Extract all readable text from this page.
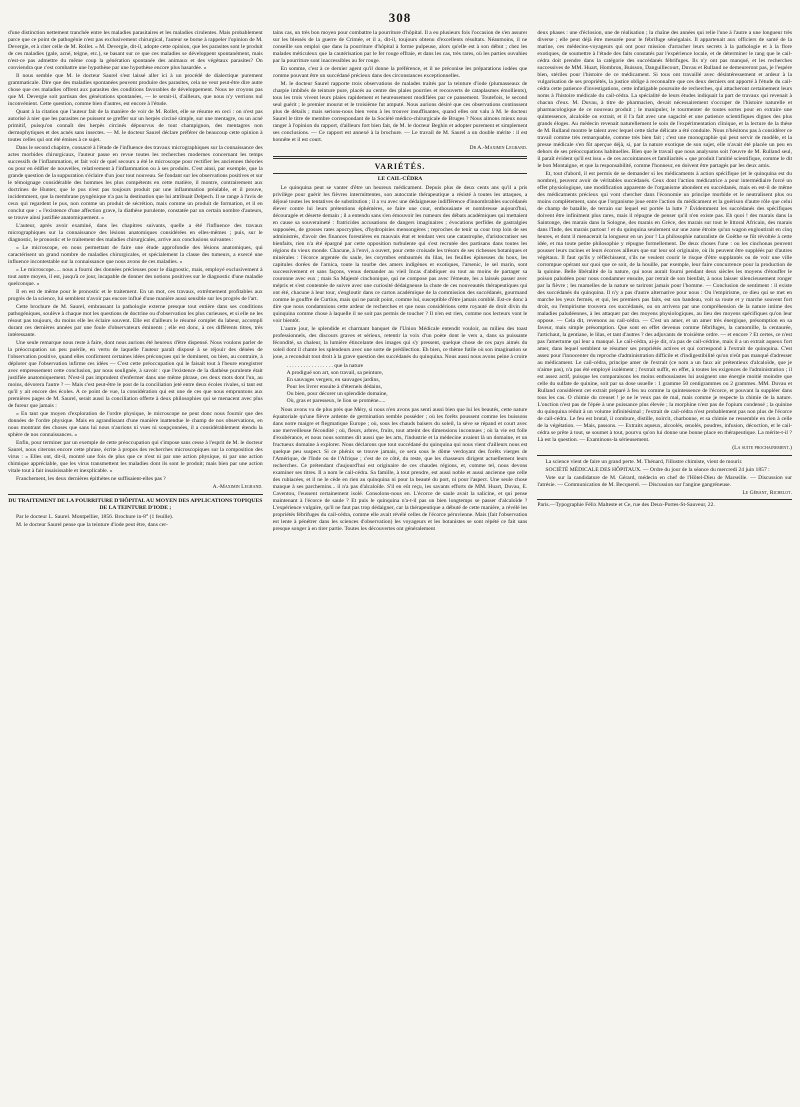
308

d'une distinction nettement tranchée entre les maladies parasitaires et les maladies cirulentes. Mais probablement parce que ce point de pathogénie n'est pas exclusivement chirurgical, l'auteur se borne à rappeler l'opinion de M. Devergie, et à citer celle de M. Rollet. « M. Devergie, dit-il, adopte cette opinion, que les parasites sont le produit de ces maladies (gale, acné, teigne, etc.), se basant sur ce que ces maladies se développent spontanément, mais n'est-ce pas admettre du même coup la génération spontanée des animaux et des végétaux parasites? On conviendra que c'est combattre une hypothèse par une hypothèse encore plus hasardée. »

Il nous semble que M. le docteur Saurel s'est laissé aller ici à un procédé de dialectique purement grammaticale. Dire que des maladies spontanées peuvent produire des parasites, cela ne veut peut-être dire autre chose que ces maladies offrent aux parasites des conditions favorables de développement. Nous ne croyons pas que M. Devergie soit partisan des générations spontanées, — le serait-il, d'ailleurs, que nous n'y verrions nul inconvénient. Cette question, comme bien d'autres, est encore à l'étude.

Quant à la citation que l'auteur fait de la manière de voir de M. Rollet, elle se résume en ceci : on n'est pas autorisé à nier que les parasites ne puissent se greffer sur un herpès circiné simple, sur une mentagre, ou un acné primitif, puisqu'on connaît des herpès circinés dépourvus de tout champignon, des mentagres non dermophytiques et des acnés sans insectes. — M. le docteur Saurel déclare préférer de beaucoup cette opinion à toutes celles qui ont été émises à ce sujet.

Dans le second chapitre, consacré à l'étude de l'influence des travaux micrographiques sur la connaissance des actes morbides chirurgicaux, l'auteur passe en revue toutes les recherches modernes concernant les temps successifs de l'inflammation, et fait voir de quel secours a été le microscope pour rectifier les anciennes théories ou pour en édifier de nouvelles, relativement à l'inflammation ou à ses produits. C'est ainsi, par exemple, que la grande question de la suppuration s'éclaire d'un jour tout nouveau. Se fondant sur les observations positives et sur le témoignage considérable des hommes les plus compétents en cette matière, il montre, contrairement aux doctrines de Hunter, que le pus n'est pas toujours produit par une inflammation préalable, et il prouve, incidemment, que la membrane pyogénique n'a pas la destination que lui attribuait Delpech. Il se range à l'avis de ceux qui regardent le pus, non comme un produit de sécrétion, mais comme un produit de formation, et il en conclut que : « l'existence d'une affection grave, la diathèse purulente, constatée par un certain nombre d'auteurs, se trouve ainsi justifiée anatomiquement. »

L'auteur, après avoir examiné, dans les chapitres suivants, quelle a été l'influence des travaux micrographiques sur la connaissance des lésions anatomiques considérées en elles-mêmes ; puis, sur le diagnostic, le pronostic et le traitement des maladies chirurgicales, arrive aux conclusions suivantes :

« Le microscope, en nous permettant de faire une étude approfondie des lésions anatomiques, qui caractérisent un grand nombre de maladies chirurgicales, et spécialement la classe des tumeurs, a exercé une influence incontestable sur la connaissance que nous avons de ces maladies. »

« Le microscope..... nous a fourni des données précieuses pour le diagnostic, mais, employé exclusivement à tout autre moyen, il est, jusqu'à ce jour, incapable de donner des notions positives sur le diagnostic d'une maladie quelconque. »

Il en est de même pour le pronostic et le traitement. En un mot, ces travaux, extrêmement profitables aux progrès de la science, lui semblent n'avoir pas encore influé d'une manière aussi sensible sur les progrès de l'art.

Cette brochure de M. Saurel, embrassant la pathologie externe presque tout entière dans ses conditions pathogéniques, soulève à chaque mot les questions de doctrine ou d'observation les plus curieuses, et si elle ne les résout pas toujours, du moins elle les éclaire souvent. Elle est d'ailleurs le résumé complet du labeur, accompli durant ces dernières années par une foule d'observateurs éminents ; elle est donc, à ces différents titres, très intéressante.

Une seule remarque nous reste à faire, dont nous aurions été heureux d'être dispensé. Nous voulons parler de la préoccupation un peu puérile, en vertu de laquelle l'auteur paraît disposé à se réjouir des dénées de l'observation positive, quand elles confirment certaines idées préconçues qui le dominent, ou bien, au contraire, à déplorer que l'observation infirme ces idées — C'est cette préoccupation qui le faisait tout à l'heure enregistrer avec empressement cette conclusion, par nous soulignée, à savoir : que l'existence de la diathèse purulente était justifiée anatomiquement. N'est-il pas imprudent d'enfermer dans une même phrase, ces deux mots dont l'un, au moins, dévorera l'autre ? — Mais c'est peut-être le post de la conciliation jeté entre deux écoles rivales, si tant est qu'il y ait encore des écoles. A ce point de vue, la considération qui est une de ces que nous empruntons aux premières pages de M. Saurel, serait aussi la conciliation offerte à deux philosophies qui se menacent avec plus de fureur que jamais :

« En tant que moyen d'exploration de l'ordre physique, le microscope ne peut donc nous fournir que des données de l'ordre physique. Mais en agrandissant d'une manière inattendue le champ de nos observations, en nous montrant des choses que sans lui nous n'aurions ni vues ni soupçonnées, il a considérablement étendu la sphère de nos connaissances. »

Enfin, pour terminer par un exemple de cette préoccupation qui s'impose sans cesse à l'esprit de M. le docteur Saurel, nous citerons encore cette phrase, écrite à propos des recherches microscopiques sur la composition des virus : « Elles ont, dit-il, montré une fois de plus que ce n'est ni par une action physique, ni par une action chimique appréciable, que les virus transmettent les maladies dont ils sont le produit; mais bien par une action vitale tout à fait insaisissable et inexplicable. »

Franchement, les deux dernières épithètes ne suffisaient-elles pas ?

A.-Maximin Legrand.
DU TRAITEMENT DE LA POURRITURE D'HÔPITAL AU MOYEN DES APPLICATIONS TOPIQUES DE LA TEINTURE D'IODE ;

Par le docteur L. Saurel. Montpellier, 1856. Brochure in-8° (1 feuille).

M. le docteur Saurel pense que la teinture d'iode peut être, dans cer-

tains cas, un très bon moyen pour combattre la pourriture d'hôpital. Il a eu plusieurs fois l'occasion de s'en assurer sur les blessés de la guerre de Crimée, et il a, dit-il, toujours obtenu d'excellents résultats. Néanmoins, il ne conseille son emploi que dans la pourriture d'hôpital à forme pulpeuse, alors qu'elle est à son début ; chez les malades méticuleux que la cautérisation par le fer rouge effraie, et dans les cas, très rares, où les parties ouvahies par la pourriture sont inaccessibles au fer rouge.

En somme, c'est à ce dernier agent qu'il donne la préférence, et il ne préconise les préparations iodées que comme pouvant être un succédané précieux dans des circonstances exceptionnelles.

M. le docteur Saurel rapporte trois observations de malades traités par la teinture d'iode (plumasseaux de charpie imbibés de teinture pure, placés au centre des plaies pourries et recouverts de cataplasmes émollients), tous les trois vivent leurs plaies rapidement et heureusement modifiées par ce pansement. Toutefois, le second seul guérit ; le premier mourut et le troisième fut amputé. Nous aurions désiré que ces observations continssent plus de détails ; mais serions-nous bien venu à les trouver insuffisantes, quand elles ont valu à M. le docteur Saurel le titre de membre correspondant de la Société médico-chirurgicale de Bruges ? Nous aimons mieux nous ranger à l'opinion du rapport, d'ailleurs fort bien fait, de M. le docteur Beghin et adopter purement et simplement ses conclusions. — Ce rapport est annexé à la brochure. — Le travail de M. Saurel a un double mérite : il est honnête et il est court.

Dr A.-Maximin Legrand.
VARIÉTÉS.
LE CAIL-CÉDRA

Le quinquina peut se vanter d'être un heureux médicament. Depuis plus de deux cents ans qu'il a pris privilège pour guérir les fièvres intermittentes, son autocratie thérapeutique a résisté à toutes les attaques, a déjoué toutes les tentatives de substitution ; il a vu avec une dédaigneuse indifférence d'innombrables succédanés élever contre lui leurs prétentions éphémères, se faire une cour, enthousiaste et nombreuse aujourd'hui, découragée et déserte demain ; il a entendu sans s'en émouvoir les rumeurs des débats académiques qui mettaient en cause sa souveraineté : fratricides accusations de dangers imaginaires ; évocations perfides de gastralgies supposées, de grosses rates apocryphes, d'hydropisies mensongères ; reproches de tenir sa cour trop loin de ses administrés, d'avoir des finances forestières en mauvais état et tendant vers une catastrophe, d'aristocratiser ses bienfaits, rien n'a été épargné par cette opposition turbulente qui s'est recrutée des partisans dans toutes les régions du vieux monde. Chacune, à l'envi, a ouvert, pour cette croisade les trésors de ses richesses botaniques et minérales : l'écorce argentée du saule, les corymbes embaumés du lilas, les feuilles épineuses du houx, les capitules dorées de l'arnica, toute la tourbe des amers indigènes et exotiques, l'arsenic, le sel marin, sont successivement et sans façons, venus demander au vieil Incas d'abdiquer ou tout au moins de partager sa couronne avec eux ; mais Sa Majesté cinchonique, qui ne compose pas avec l'émeute, les a laissés passer avec mépris et s'est contentée de suivre avec une curiosité dédaigneuse la chute de ces nouveautés thérapeutiques qui ont été, chacune à leur tour, s'engloutir dans ce carton académique de la commission des succédanés, gourmand comme le gouffre de Curtius, mais qui ne paraît point, comme lui, susceptible d'être jamais comblé. Est-ce donc à dire que nous condamnions cette ardeur de recherches et que nous considérions cette royauté de droit divin du quinquina comme chose à laquelle il ne soit pas permis de toucher ? Il n'en est rien, comme nos lecteurs vont le voir bientôt.

L'autre jour, le splendide et charmant banquet de l'Union Médicale entendit vouloir, au milieu des toast professionnels, des discours graves et sérieux, retentir la voix d'un poète dont le vers a, dans sa puissante fécondité, sa chaleur, la lumière étincelante des images qui s'y pressent, quelque chose de ces pays aimés du soleil dont il chante les splendeurs avec une sorte de prédilection. Eh bien, ce thème futile où son imagination se joue, a reconduit tout droit à la grave question des succédanés du quinquina. Nous aussi nous avons peine à croire

. . . . . . . . . . . . . . . . . que la nature
A prodigué son art, son travail, sa peinture,
En sauvages vergers, en sauvages jardins,
Pour les livrer ensuite à d'éternels dédains,
Ou bien, pour décorer un splendide domaine,
Où, gras et paresseux, le lion se promène.....

Nous avons vu de plus près que Méry, si nous n'en avons pas senti aussi bien que lui les beautés, cette nature équatoriale qu'une fièvre ardente de germination semble posséder ; où les forêts poussent comme les buissons dans notre maigre et flegmatique Europe ; où, sous les chauds baisers du soleil, la sève se répand et court avec une merveilleuse fécondité ; où, fleurs, arbres, fruits, tout atteint des dimensions inconnues ; où la vie est folle d'exubérance, et nous nous sommes dit aussi que les arts, l'industrie et la médecine avaient là un domaine, et un fructueux domaine à explorer. Nous déclarons que tout succédané du quinquina qui nous vient d'ailleurs nous est quelque peu suspect. Si ce phénix se trouve jamais, ce sera sous le dôme verdoyant des forêts vierges de l'Amérique, de l'Inde ou de l'Afrique ; c'est de ce côté, du reste, que les chasseurs dirigent actuellement leurs recherches. Ce prétendant d'aujourd'hui est originaire de ces chaudes régions, et, comme tel, nous devons examiner ses titres. Il a nom le cail-cédra. Sa famille, à tout prendre, est aussi noble et aussi ancienne que celle des rubiacées, et il ne le cède en rien au quinquina ni pour la beauté du port, ni pour l'aspect. Une seule chose manque à ses parchemins... il n'a pas d'alcaloïde. S'il en eût reçu, les savants efforts de MM. Huart, Duvau, E. Caventou, l'eussent certainement isolé. Consolons-nous en. L'écorce de saule avait la salicine, et qui pense maintenant à l'écorce de saule ? Et puis le quinquina n'a-t-il pas un bien longtemps se passer d'alcaloïde ? L'expérience vulgaire, qu'il ne faut pas trop dédaigner, car la thérapeutique a débuté de cette manière, a révélé les propriétés fébrifuges du cail-cédra, comme elle avait révélé celles de l'écorce péruvienne. Mais (fait l'observation est lente à pénétrer dans les sciences d'observation) les voyageurs et les botanistes se sont répété ce fait sans presque songer à en tirer partie. Toutes les découvertes ont généralement

deux phases : une d'éclosion, une de réalisation ; la chaîne des années qui relie l'une à l'autre a une longueur très diverse ; elle peut déjà être mesurée pour le fébrifuge sénégalais. Il appartenait aux officiers de santé de la marine, ces médecins-voyageurs qui ont pour mission d'arracher leurs secrets à la pathologie et à la flore exotiques, de soumettre à l'étude des faits constatés par l'expérience locale, et de déterminer le rang que le cail-cédra doit prendre dans la catégorie des succédanés fébrifuges. Ils n'y ont pas manqué, et les recherches successives de MM. Huart, Hombron, Buisson, Danguillecourt, Duvau et Rulland ne demeureront pas, je l'espère bien, stériles pour l'histoire de ce médicament. Si tous ont travaillé avec désintéressement et ardeur à la vulgarisation de ses propriétés, la justice oblige à reconnaître que ces deux derniers ont apporté à l'étude du cail-cédra cette patience d'investigations, cette infatigable poursuite de recherches, qui attacheront certainement leurs noms à l'histoire médicale du cail-cédra. La spécialité de leurs études indiquait la part de travaux qui revenait à chacun d'eux. M. Duvau, à titre de pharmacien, devait nécessairement s'occuper de l'histoire naturelle et pharmacologique de ce nouveau produit ; le manipuler, le tourmenter de toutes sortes pour en extraire une quintessence, alcaloïde ou extrait, et il l'a fait avec une sagacité et une patience scientifiques dignes des plus grands éloges. Au médecin revenait naturellement le soin de l'expérimentation clinique, et la lecture de la thèse de M. Rulland montre le talent avec lequel cette tâche délicate a été conduite. Nous n'hésitons pas à considérer ce travail comme très remarquable, comme très bien fait ; c'est une monographie qui peut servir de modèle, et la presse médicale s'en fût aperçue déjà, si, par la nature exotique de son sujet, elle n'avait été placée un peu en dehors de ses préoccupations habituelles. Bien que le travail que nous analysons soit l'œuvre de M. Rulland seul, il paraît évident qu'il est issu « de ces accointances et familiarités » que produit l'amitié scientifique, comme le dit le bon Montaigne, et que la responsabilité, comme l'honneur, en doivent être partagés par les deux amis.

Et, tout d'abord, il est permis de se demander si les médicaments à action spécifique (et le quinquina est du nombre), peuvent avoir de véritables succédanés. Ceux dont l'action médicatrice a pour intermédiaire forcé un effet physiologique, une modification apparente de l'organisme abondent en succédanés, mais en est-il de même des médicaments précieux qui vont chercher dans l'économie un principe morbide et le neutralisent plus ou moins complètement, sans que l'organisme joue entre l'action du médicament et la guérison d'autre rôle que celui de champ de bataille, de terrain sur lequel est portée la lutte ? Évidemment les succédanés des spécifiques doivent être infiniment plus rares, mais il répugne de penser qu'il n'en existe pas. Eh quoi ! des marais dans la Saintonge, des marais dans la Sologne, des marais en Grèce, des marais sur tout le littoral Africain, des marais dans l'Inde, des marais partout ! et du quinquina seulement sur une zone étroite qu'un wagon engloutirait en cinq heures, et dont il menacerait la longueur en un jour ! La philosophie naturaliste de Goëthe se fût révoltée à cette idée, et ma toute petite philosophie y répugne formellement. De deux choses l'une : ou les cinchonas peuvent pousser leurs racines et leurs écorces ailleurs que sur leur sol originaire, où ils peuvent être suppléés par d'autres végétaux. Il faut qu'ils y réfléchissent, s'ils ne veulent courir le risque d'être supplantés ou de voir une ville corrompue opérant sur quoi que ce soit, de la houille, par exemple, leur faire concurrence pour la production de la quinine. Belle libéralité de la nature, qui nous aurait fourni pendant deux siècles les moyens d'étouffer le poison paludéen pour nous condamner ensuite, par retrait de son bienfait, à nous laisser silencieusement ronger par la fièvre ; les mamelles de la nature se tariront jamais pour l'homme. — Conclusion de sentiment : il existe des succédanés du quinquina. Il n'y a pas d'autre alternative pour nous : Ou l'empirisme, ce dieu qui se met en marche les yeux fermés, et qui, les premiers pas faits, est son bandeau, voit sa route et y marche souvent fort droit, ou l'empirisme trouvera ces succédanés, ou on arrivera par une compréhension de la nature intime des maladies paludéennes, à les attaquer par des moyens physiologiques, au lieu des moyens spécifiques qu'on leur oppose. — Cela dit, revenons au cail-cédra. — C'est un amer, et un amer très énergique, présomption en sa faveur, mais simple présomption. Que sont en effet devenus comme fébrifuges, la camomille, la centaurée, l'artichaut, la gentiane, le lilas, et tant d'autres ? des adjuvants de troisième ordre. — et encore ? Et certes, ce n'est pas l'amertume qui leur a manqué. Le cail-cédra, ai-je dit, n'a pas de cail-cédrine, mais il a un extrait aqueux fort amer, dans lequel semblent se résumer ses propriétés actives et qui correspond à l'extrait de quinquina. C'est assez pour l'innocenter du reproche d'administration difficile et d'indigestibilité qu'on n'eût pas manqué d'adresser au médicament. Le cail-cédra, principe amer de l'extrait (ce nom a un faux air prétentieux d'alcaloïde, que je n'aime pas), n'a pas été employé isolément ; l'extrait suffit, en effet, à toutes les exigences de l'administration ; il est assez actif, puisque les comparaisons les moins enthousiastes lui assignent une énergie moitié moindre que celle du sulfate de quinine, soit par sa dose usuelle : 1 gramme 50 centigrammes ou 2 grammes. MM. Duvau et Rulland considèrent cet extrait préparé à feu nu comme la quintessence de l'écorce, et pouvant la suppléer dans tous les cas. O chimie du creuset ! je ne le veux pas de mal, mais comme je respecte la chimie de la nature. L'onction n'est pas de l'épée à une puissance plus élevée ; la morphine n'est pas de l'opium condensé ; la quinine du quinquina réduit à un volume infinitésimal ; l'extrait de cail-cédra n'est probablement pas non plus de l'écorce de cail-cédra. Le feu est brutal, il combure, distille, noircit, charbonne, et sa chimie ne ressemble en rien à celle de la végétation. — Mais, passons. — Extraits aqueux, alcoolés, œnolés, poudres, infusion, décoction, et le cail-cédra se prête à tout, se soumet à tout, pourvu qu'on lui donne une bonne place en thérapeutique. La mérite-t-il ? Là est la question. — Examinons-la sérieusement.

(La suite prochainement.)

La science vient de faire un grand perte. M. Thénard, l'illustre chimiste, vient de mourir.

SOCIÉTÉ MÉDICALE DES HÔPITAUX. — Ordre du jour de la séance du mercredi 24 juin 1857 :

Vote sur la candidature de M. Gérard, médecin en chef de l'Hôtel-Dieu de Marseille. — Discussion sur l'atrésie. — Communication de M. Becquerel. — Discussion sur l'angine gangréneuse.

Le Gérant, Richelot.
Paris.—Typographie Félix Malteste et Ce, rue des Deux-Portes-St-Sauveur, 22.
